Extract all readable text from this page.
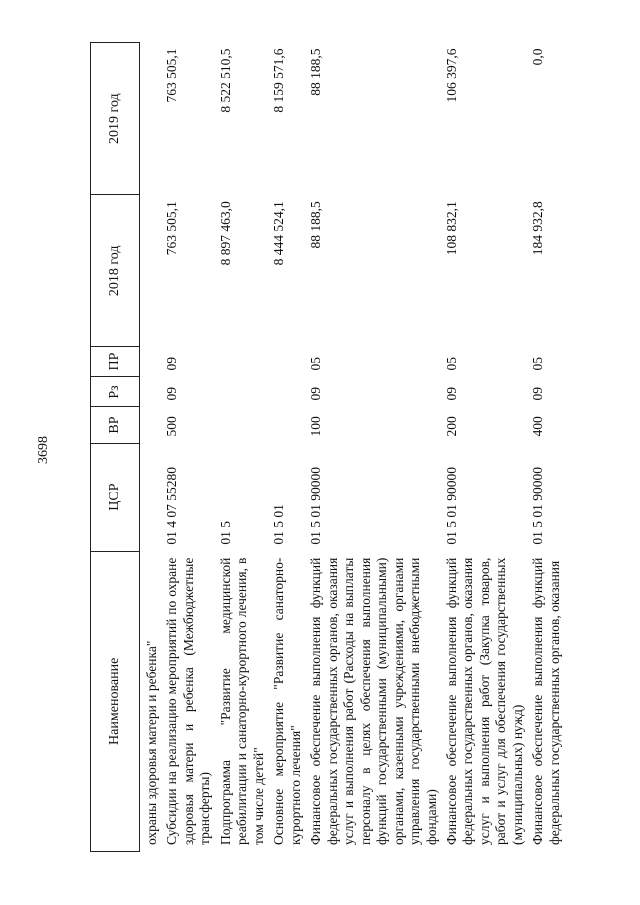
3698
Наименование	ЦСР	ВР	Рз	ПР	2018 год	2019 год
охраны здоровья матери и ребенка"						
Субсидии на реализацию мероприятий по охране здоровья матери и ребенка (Межбюджетные трансферты)	01 4 07 55280	500	09	09	763 505,1	763 505,1
Подпрограмма "Развитие медицинской реабилитации и санаторно-курортного лечения, в том числе детей"	01 5				8 897 463,0	8 522 510,5
Основное мероприятие "Развитие санаторно-курортного лечения"	01 5 01				8 444 524,1	8 159 571,6
Финансовое обеспечение выполнения функций федеральных государственных органов, оказания услуг и выполнения работ (Расходы на выплаты персоналу в целях обеспечения выполнения функций государственными (муниципальными) органами, казенными учреждениями, органами управления государственными внебюджетными фондами)	01 5 01 90000	100	09	05	88 188,5	88 188,5
Финансовое обеспечение выполнения функций федеральных государственных органов, оказания услуг и выполнения работ (Закупка товаров, работ и услуг для обеспечения государственных (муниципальных) нужд)	01 5 01 90000	200	09	05	108 832,1	106 397,6
Финансовое обеспечение выполнения функций федеральных государственных органов, оказания	01 5 01 90000	400	09	05	184 932,8	0,0
